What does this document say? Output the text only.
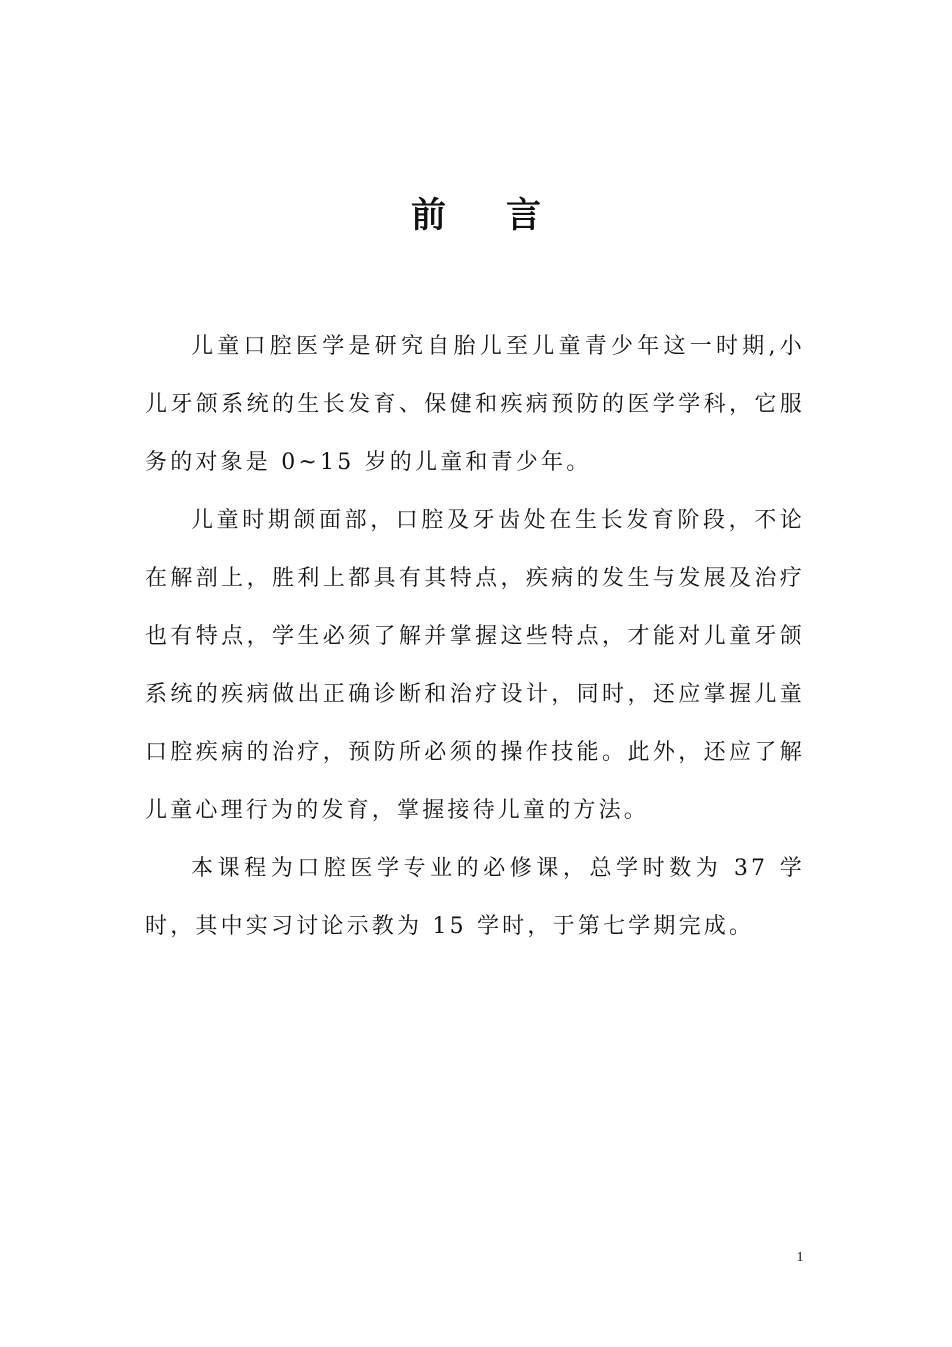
前 言

儿童口腔医学是研究自胎儿至儿童青少年这一时期,小儿牙颌系统的生长发育、保健和疾病预防的医学学科，它服务的对象是 0~15 岁的儿童和青少年。

儿童时期颌面部，口腔及牙齿处在生长发育阶段，不论在解剖上，胜利上都具有其特点，疾病的发生与发展及治疗也有特点，学生必须了解并掌握这些特点，才能对儿童牙颌系统的疾病做出正确诊断和治疗设计，同时，还应掌握儿童口腔疾病的治疗，预防所必须的操作技能。此外，还应了解儿童心理行为的发育，掌握接待儿童的方法。

本课程为口腔医学专业的必修课，总学时数为 37 学时，其中实习讨论示教为 15 学时，于第七学期完成。

1
